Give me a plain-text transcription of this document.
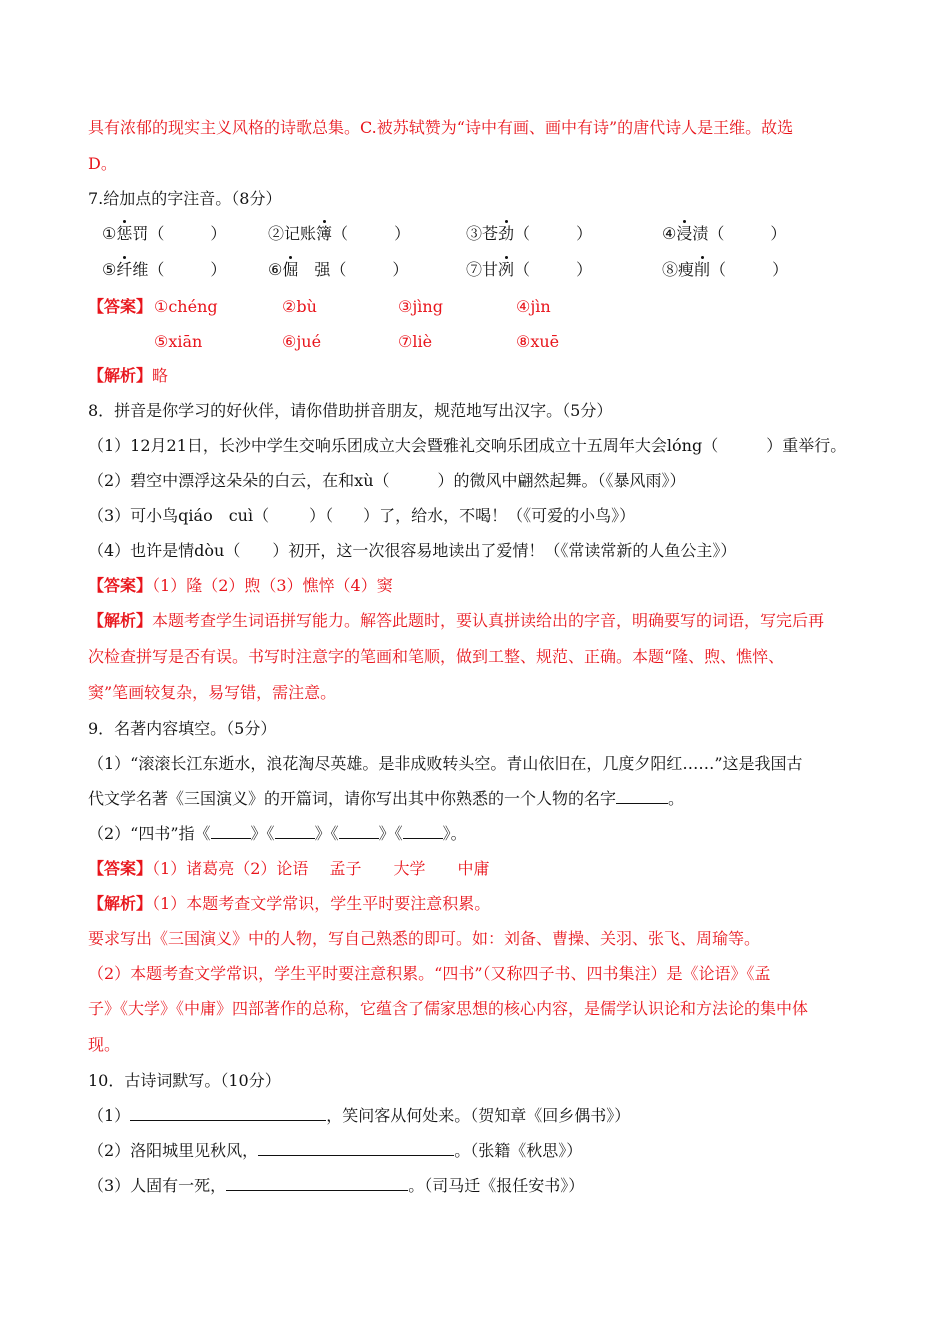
具有浓郁的现实主义风格的诗歌总集。C.被苏轼赞为“诗中有画、画中有诗”的唐代诗人是王维。故选
D。
7.给加点的字注音。（8分）
①惩罚（	）	②记账簿（	）	③苍劲（	）	④浸渍（	）
⑤纤维（	）	⑥倔　强（	）	⑦甘冽（	）	⑧瘦削（	）
【答案】 ①chéng	②bù	③jìng	④jìn
⑤xiān	⑥jué	⑦liè	⑧xuē
【解析】略
8．拼音是你学习的好伙伴，请你借助拼音朋友，规范地写出汉字。（5分）
（1）12月21日，长沙中学生交响乐团成立大会暨雅礼交响乐团成立十五周年大会lóng（	）重举行。
（2）碧空中漂浮这朵朵的白云，在和xù（	）的微风中翩然起舞。（《暴风雨》）
（3）可小鸟qiáo　cuì（	）（ ）了，给水，不喝！（《可爱的小鸟》）
（4）也许是情dòu（ ）初开，这一次很容易地读出了爱情！（《常读常新的人鱼公主》）
【答案】（1）隆（2）煦（3）憔悴（4）窦
【解析】本题考查学生词语拼写能力。解答此题时，要认真拼读给出的字音，明确要写的词语，写完后再
次检查拼写是否有误。书写时注意字的笔画和笔顺，做到工整、规范、正确。本题“隆、煦、憔悴、
窦”笔画较复杂，易写错，需注意。
9．名著内容填空。（5分）
（1）“滚滚长江东逝水，浪花淘尽英雄。是非成败转头空。青山依旧在，几度夕阳红……”这是我国古
代文学名著《三国演义》的开篇词，请你写出其中你熟悉的一个人物的名字	。
（2）“四书”指《	》《	》《	》《	》。
【答案】（1）诸葛亮（2）论语　 孟子　　大学　　中庸
【解析】（1）本题考查文学常识，学生平时要注意积累。
要求写出《三国演义》中的人物，写自己熟悉的即可。如：刘备、曹操、关羽、张飞、周瑜等。
（2）本题考查文学常识，学生平时要注意积累。“四书”（又称四子书、四书集注）是《论语》《孟
子》《大学》《中庸》四部著作的总称，它蕴含了儒家思想的核心内容，是儒学认识论和方法论的集中体
现。
10．古诗词默写。（10分）
（1）	，笑问客从何处来。（贺知章《回乡偶书》）
（2）洛阳城里见秋风，	。（张籍《秋思》）
（3）人固有一死，	。（司马迁《报任安书》）
